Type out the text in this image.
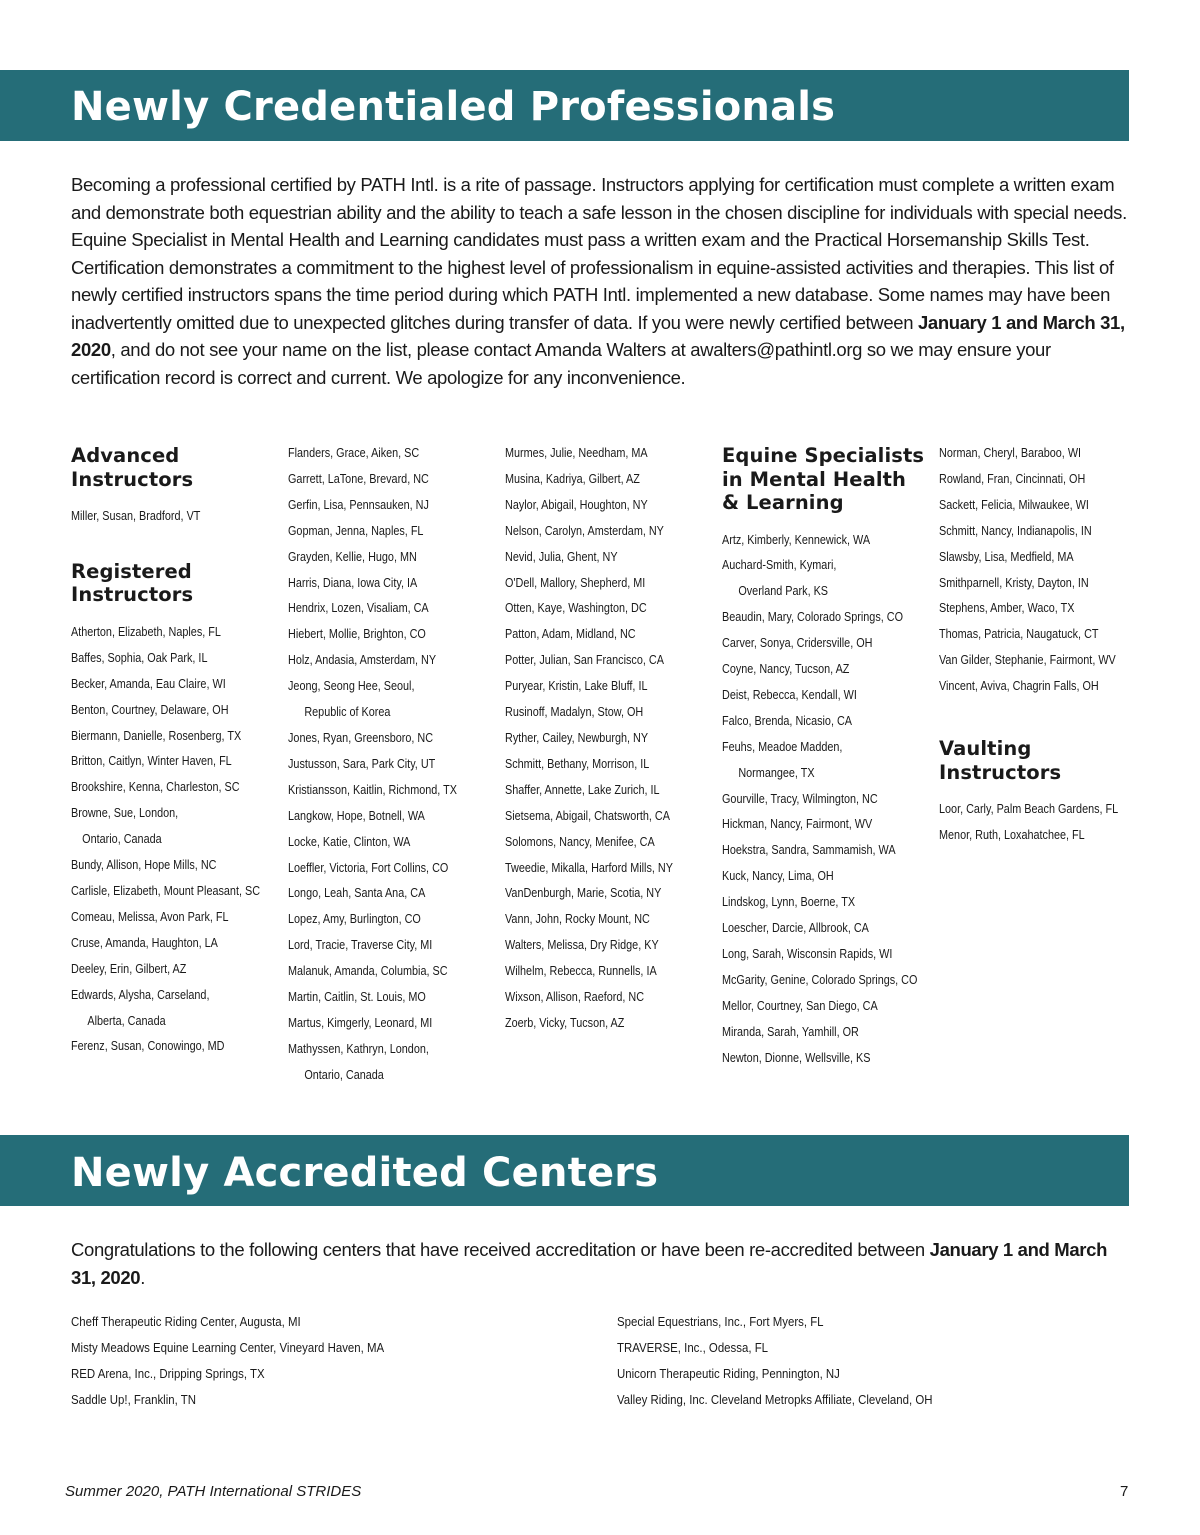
Newly Credentialed Professionals

Becoming a professional certified by PATH Intl. is a rite of passage. Instructors applying for certification must complete a written exam and demonstrate both equestrian ability and the ability to teach a safe lesson in the chosen discipline for individuals with special needs. Equine Specialist in Mental Health and Learning candidates must pass a written exam and the Practical Horsemanship Skills Test. Certification demonstrates a commitment to the highest level of professionalism in equine-assisted activities and therapies. This list of newly certified instructors spans the time period during which PATH Intl. implemented a new database. Some names may have been inadvertently omitted due to unexpected glitches during transfer of data. If you were newly certified between January 1 and March 31, 2020, and do not see your name on the list, please contact Amanda Walters at awalters@pathintl.org so we may ensure your certification record is correct and current. We apologize for any inconvenience.

Advanced
Instructors
Miller, Susan, Bradford, VT
Registered
Instructors
Atherton, Elizabeth, Naples, FL
Baffes, Sophia, Oak Park, IL
Becker, Amanda, Eau Claire, WI
Benton, Courtney, Delaware, OH
Biermann, Danielle, Rosenberg, TX
Britton, Caitlyn, Winter Haven, FL
Brookshire, Kenna, Charleston, SC
Browne, Sue, London,
Ontario, Canada
Bundy, Allison, Hope Mills, NC
Carlisle, Elizabeth, Mount Pleasant, SC
Comeau, Melissa, Avon Park, FL
Cruse, Amanda, Haughton, LA
Deeley, Erin, Gilbert, AZ
Edwards, Alysha, Carseland,
Alberta, Canada
Ferenz, Susan, Conowingo, MD
Flanders, Grace, Aiken, SC
Garrett, LaTone, Brevard, NC
Gerfin, Lisa, Pennsauken, NJ
Gopman, Jenna, Naples, FL
Grayden, Kellie, Hugo, MN
Harris, Diana, Iowa City, IA
Hendrix, Lozen, Visaliam, CA
Hiebert, Mollie, Brighton, CO
Holz, Andasia, Amsterdam, NY
Jeong, Seong Hee, Seoul,
Republic of Korea
Jones, Ryan, Greensboro, NC
Justusson, Sara, Park City, UT
Kristiansson, Kaitlin, Richmond, TX
Langkow, Hope, Botnell, WA
Locke, Katie, Clinton, WA
Loeffler, Victoria, Fort Collins, CO
Longo, Leah, Santa Ana, CA
Lopez, Amy, Burlington, CO
Lord, Tracie, Traverse City, MI
Malanuk, Amanda, Columbia, SC
Martin, Caitlin, St. Louis, MO
Martus, Kimgerly, Leonard, MI
Mathyssen, Kathryn, London,
Ontario, Canada
Murmes, Julie, Needham, MA
Musina, Kadriya, Gilbert, AZ
Naylor, Abigail, Houghton, NY
Nelson, Carolyn, Amsterdam, NY
Nevid, Julia, Ghent, NY
O'Dell, Mallory, Shepherd, MI
Otten, Kaye, Washington, DC
Patton, Adam, Midland, NC
Potter, Julian, San Francisco, CA
Puryear, Kristin, Lake Bluff, IL
Rusinoff, Madalyn, Stow, OH
Ryther, Cailey, Newburgh, NY
Schmitt, Bethany, Morrison, IL
Shaffer, Annette, Lake Zurich, IL
Sietsema, Abigail, Chatsworth, CA
Solomons, Nancy, Menifee, CA
Tweedie, Mikalla, Harford Mills, NY
VanDenburgh, Marie, Scotia, NY
Vann, John, Rocky Mount, NC
Walters, Melissa, Dry Ridge, KY
Wilhelm, Rebecca, Runnells, IA
Wixson, Allison, Raeford, NC
Zoerb, Vicky, Tucson, AZ
Equine Specialists
in Mental Health
& Learning
Artz, Kimberly, Kennewick, WA
Auchard-Smith, Kymari,
Overland Park, KS
Beaudin, Mary, Colorado Springs, CO
Carver, Sonya, Cridersville, OH
Coyne, Nancy, Tucson, AZ
Deist, Rebecca, Kendall, WI
Falco, Brenda, Nicasio, CA
Feuhs, Meadoe Madden,
Normangee, TX
Gourville, Tracy, Wilmington, NC
Hickman, Nancy, Fairmont, WV
Hoekstra, Sandra, Sammamish, WA
Kuck, Nancy, Lima, OH
Lindskog, Lynn, Boerne, TX
Loescher, Darcie, Allbrook, CA
Long, Sarah, Wisconsin Rapids, WI
McGarity, Genine, Colorado Springs, CO
Mellor, Courtney, San Diego, CA
Miranda, Sarah, Yamhill, OR
Newton, Dionne, Wellsville, KS
Norman, Cheryl, Baraboo, WI
Rowland, Fran, Cincinnati, OH
Sackett, Felicia, Milwaukee, WI
Schmitt, Nancy, Indianapolis, IN
Slawsby, Lisa, Medfield, MA
Smithparnell, Kristy, Dayton, IN
Stephens, Amber, Waco, TX
Thomas, Patricia, Naugatuck, CT
Van Gilder, Stephanie, Fairmont, WV
Vincent, Aviva, Chagrin Falls, OH
Vaulting
Instructors
Loor, Carly, Palm Beach Gardens, FL
Menor, Ruth, Loxahatchee, FL
Newly Accredited Centers

Congratulations to the following centers that have received accreditation or have been re-accredited between January 1 and March 31, 2020.

Cheff Therapeutic Riding Center, Augusta, MI
Misty Meadows Equine Learning Center, Vineyard Haven, MA
RED Arena, Inc., Dripping Springs, TX
Saddle Up!, Franklin, TN
Special Equestrians, Inc., Fort Myers, FL
TRAVERSE, Inc., Odessa, FL
Unicorn Therapeutic Riding, Pennington, NJ
Valley Riding, Inc. Cleveland Metropks Affiliate, Cleveland, OH
Summer 2020, PATH International STRIDES	7
